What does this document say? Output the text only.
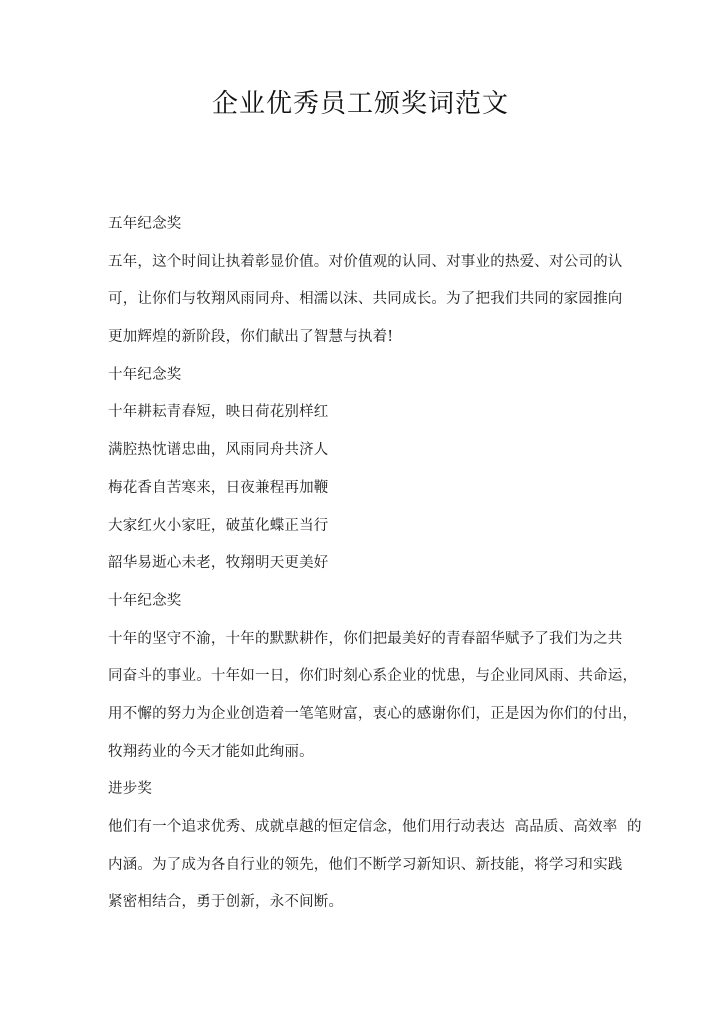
企业优秀员工颁奖词范文
五年纪念奖
五年，这个时间让执着彰显价值。对价值观的认同、对事业的热爱、对公司的认
可，让你们与牧翔风雨同舟、相濡以沫、共同成长。为了把我们共同的家园推向
更加辉煌的新阶段，你们献出了智慧与执着!
十年纪念奖
十年耕耘青春短，映日荷花别样红
满腔热忱谱忠曲，风雨同舟共济人
梅花香自苦寒来，日夜兼程再加鞭
大家红火小家旺，破茧化蝶正当行
韶华易逝心未老，牧翔明天更美好
十年纪念奖
十年的坚守不渝，十年的默默耕作，你们把最美好的青春韶华赋予了我们为之共
同奋斗的事业。十年如一日，你们时刻心系企业的忧患，与企业同风雨、共命运，
用不懈的努力为企业创造着一笔笔财富，衷心的感谢你们，正是因为你们的付出，
牧翔药业的今天才能如此绚丽。
进步奖
他们有一个追求优秀、成就卓越的恒定信念，他们用行动表达  高品质、高效率  的
内涵。为了成为各自行业的领先，他们不断学习新知识、新技能，将学习和实践
紧密相结合，勇于创新，永不间断。
